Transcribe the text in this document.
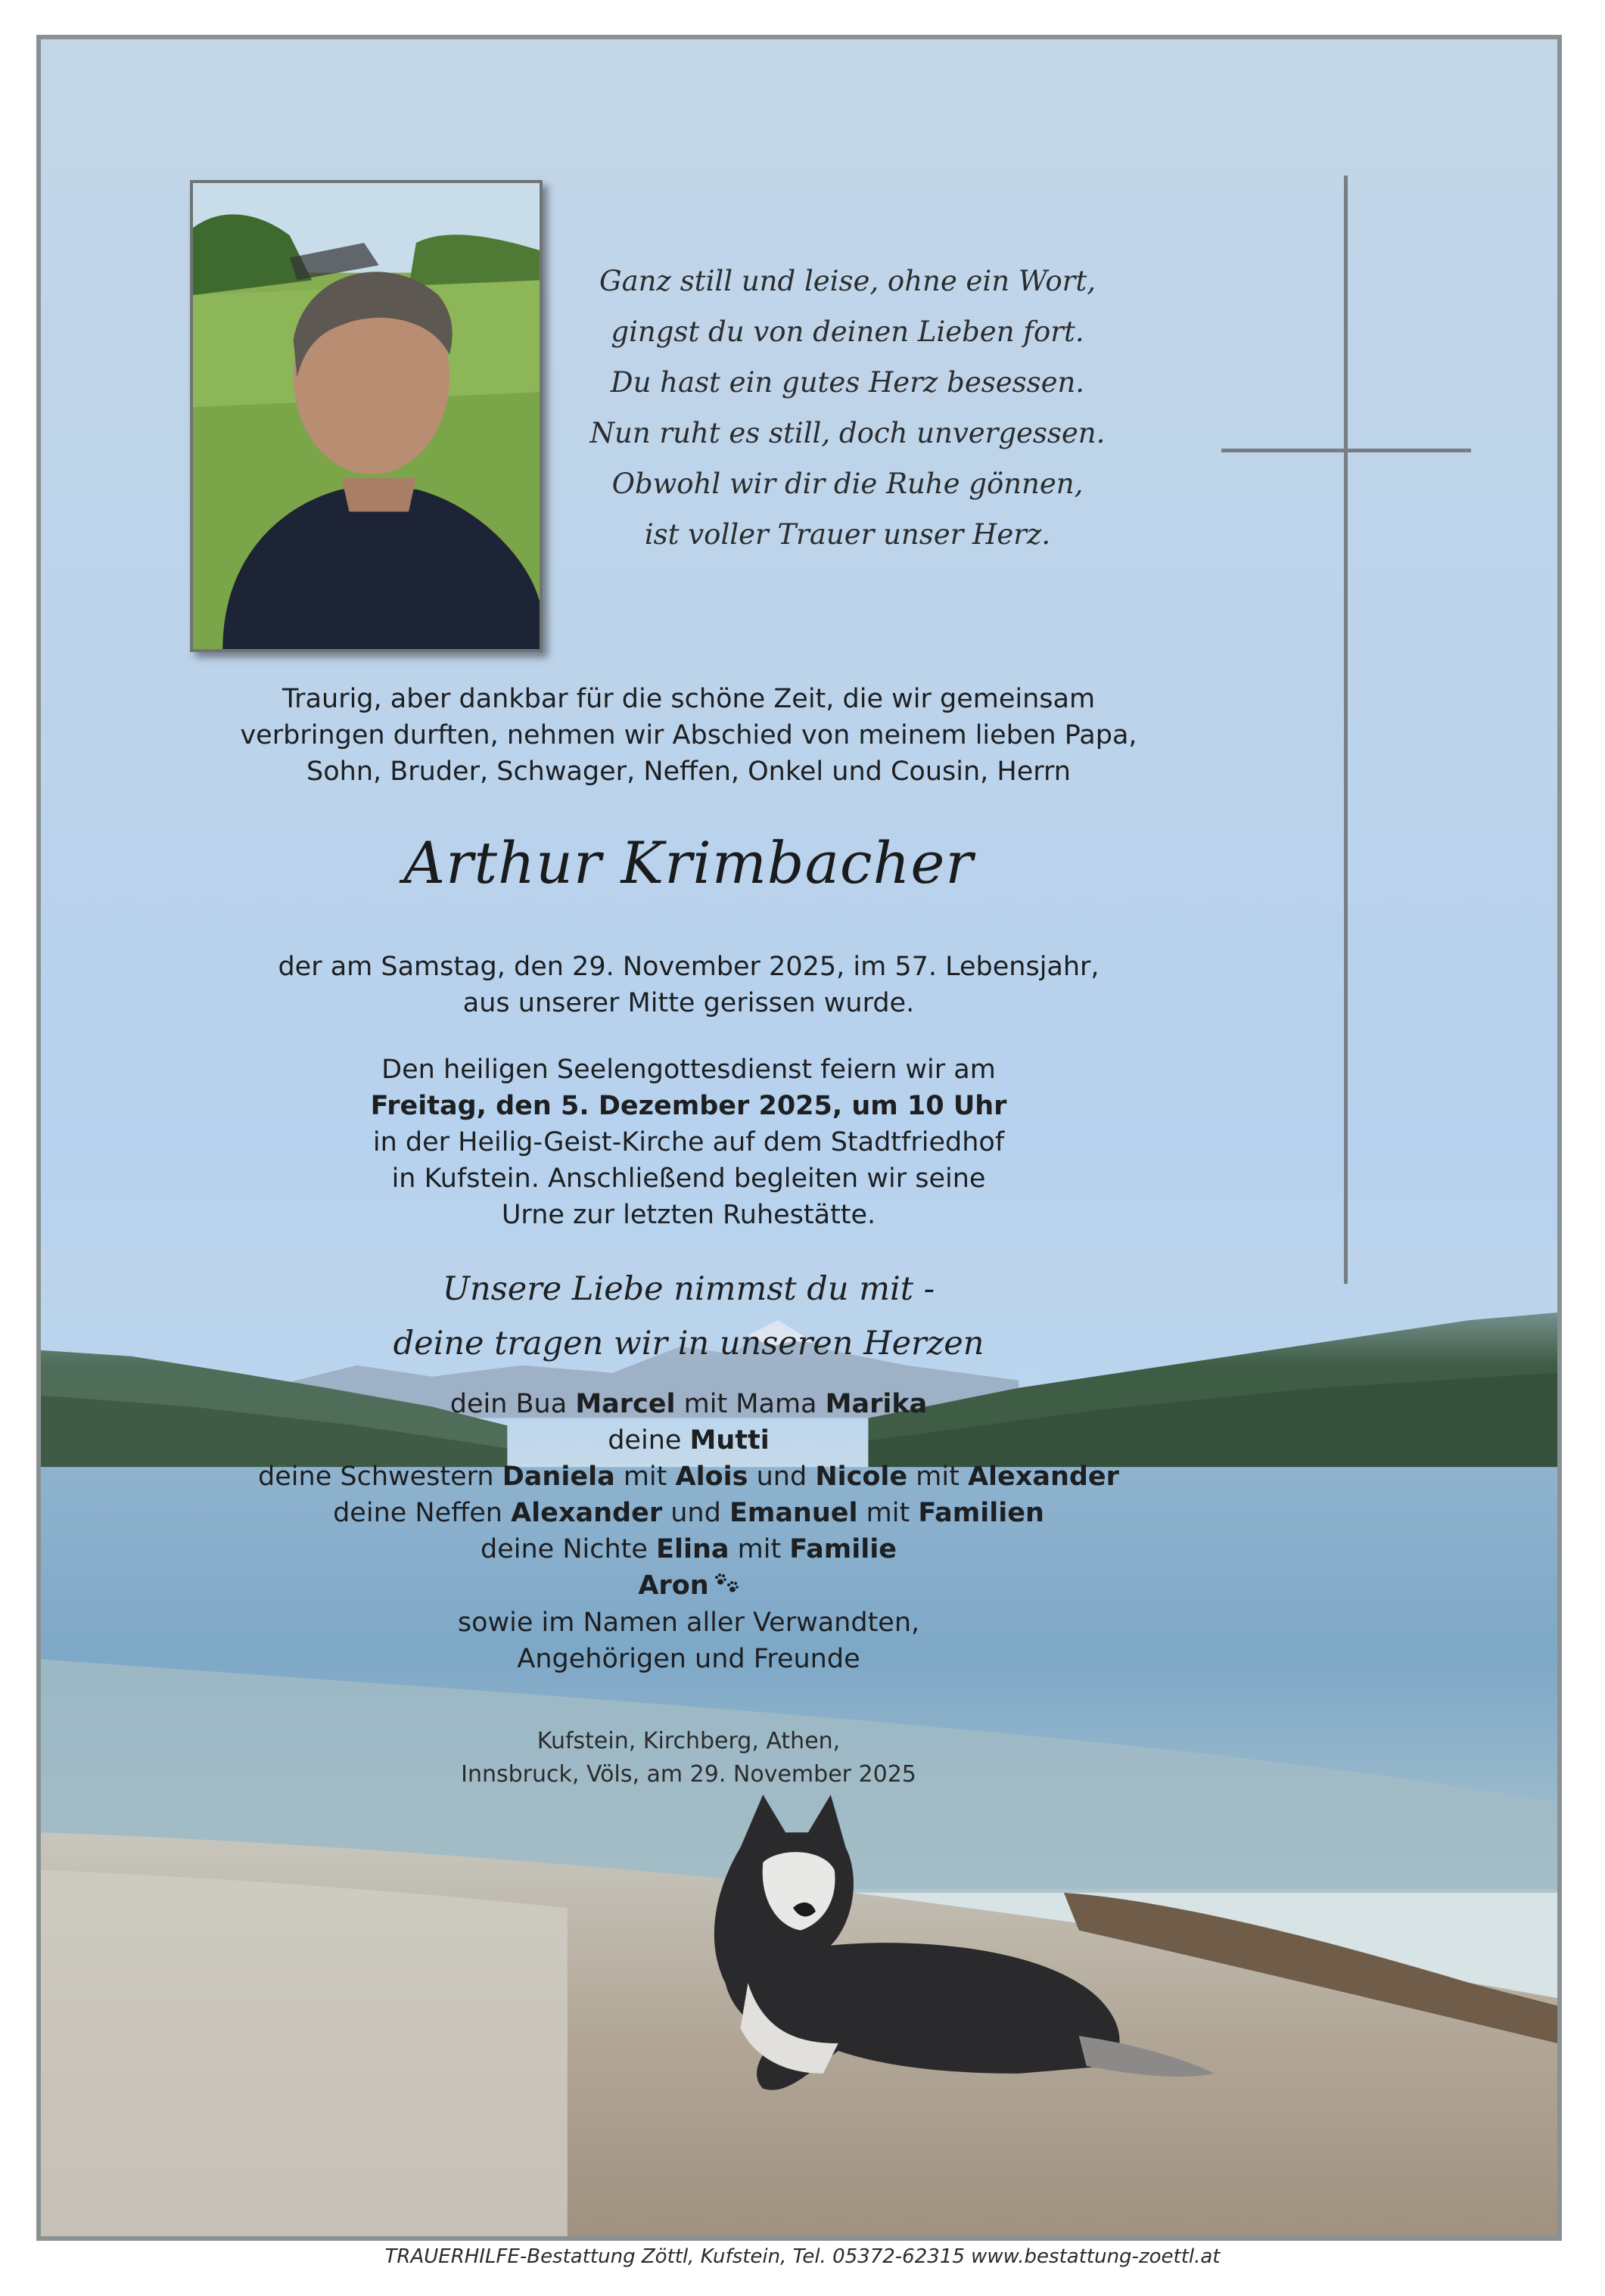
Ganz still und leise, ohne ein Wort,
gingst du von deinen Lieben fort.
Du hast ein gutes Herz besessen.
Nun ruht es still, doch unvergessen.
Obwohl wir dir die Ruhe gönnen,
ist voller Trauer unser Herz.
Traurig, aber dankbar für die schöne Zeit, die wir gemeinsam
verbringen durften, nehmen wir Abschied von meinem lieben Papa,
Sohn, Bruder, Schwager, Neffen, Onkel und Cousin, Herrn
Arthur Krimbacher
der am Samstag, den 29. November 2025, im 57. Lebensjahr,
aus unserer Mitte gerissen wurde.
Den heiligen Seelengottesdienst feiern wir am
Freitag, den 5. Dezember 2025, um 10 Uhr
in der Heilig-Geist-Kirche auf dem Stadtfriedhof
in Kufstein. Anschließend begleiten wir seine
Urne zur letzten Ruhestätte.
Unsere Liebe nimmst du mit -
deine tragen wir in unseren Herzen
dein Bua Marcel mit Mama Marika
deine Mutti
deine Schwestern Daniela mit Alois und Nicole mit Alexander
deine Neffen Alexander und Emanuel mit Familien
deine Nichte Elina mit Familie
Aron
sowie im Namen aller Verwandten,
Angehörigen und Freunde
Kufstein, Kirchberg, Athen,
Innsbruck, Völs, am 29. November 2025
TRAUERHILFE-Bestattung Zöttl, Kufstein, Tel. 05372-62315 www.bestattung-zoettl.at
